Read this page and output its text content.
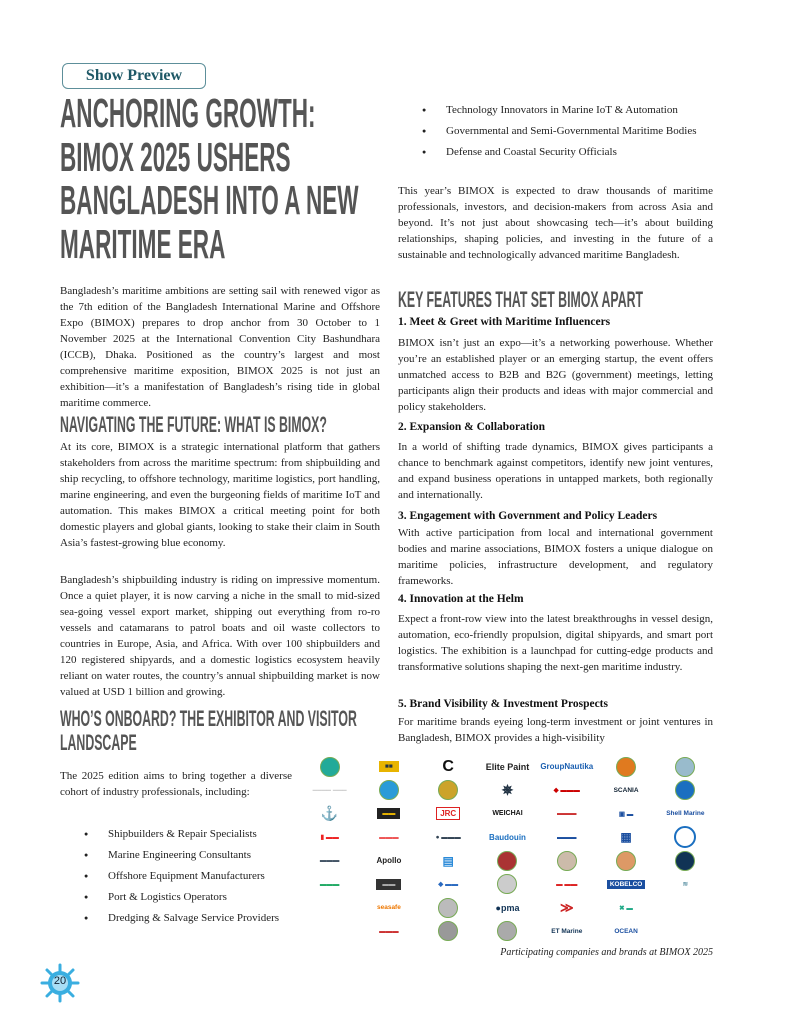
Show Preview
ANCHORING GROWTH: BIMOX 2025 USHERS BANGLADESH INTO A NEW MARITIME ERA

Bangladesh’s maritime ambitions are setting sail with renewed vigor as the 7th edition of the Bangladesh International Marine and Offshore Expo (BIMOX) prepares to drop anchor from 30 October to 1 November 2025 at the International Convention City Bashundhara (ICCB), Dhaka. Positioned as the country’s largest and most comprehensive maritime exposition, BIMOX 2025 is not just an exhibition—it’s a manifestation of Bangladesh’s rising tide in global maritime commerce.

NAVIGATING THE FUTURE: WHAT IS BIMOX?

At its core, BIMOX is a strategic international platform that gathers stakeholders from across the maritime spectrum: from shipbuilding and ship recycling, to offshore technology, maritime logistics, port handling, marine engineering, and even the burgeoning fields of maritime IoT and automation. This makes BIMOX a critical meeting point for both domestic players and global giants, looking to stake their claim in South Asia’s fastest-growing blue economy.

Bangladesh’s shipbuilding industry is riding on impressive momentum. Once a quiet player, it is now carving a niche in the small to mid-sized sea-going vessel export market, shipping out everything from ro-ro vessels and catamarans to patrol boats and oil waste collectors to countries in Europe, Asia, and Africa. With over 100 shipbuilders and 120 registered shipyards, and a domestic logistics ecosystem heavily reliant on water routes, the country’s annual shipbuilding market is now valued at USD 1 billion and growing.

WHO’S ONBOARD? THE EXHIBITOR AND VISITOR LANDSCAPE

The 2025 edition aims to bring together a diverse cohort of industry professionals, including:

● Shipbuilders & Repair Specialists
● Marine Engineering Consultants
● Offshore Equipment Manufacturers
● Port & Logistics Operators
● Dredging & Salvage Service Providers
● Technology Innovators in Marine IoT & Automation
● Governmental and Semi-Governmental Maritime Bodies
● Defense and Coastal Security Officials

This year’s BIMOX is expected to draw thousands of maritime professionals, investors, and decision-makers from across Asia and beyond. It’s not just about showcasing tech—it’s about building relationships, shaping policies, and investing in the future of a sustainable and technologically advanced maritime Bangladesh.

KEY FEATURES THAT SET BIMOX APART
1. Meet & Greet with Maritime Influencers

BIMOX isn’t just an expo—it’s a networking powerhouse. Whether you’re an established player or an emerging startup, the event offers unmatched access to B2B and B2G (government) meetings, letting participants align their products and ideas with major commercial and policy stakeholders.

2. Expansion & Collaboration

In a world of shifting trade dynamics, BIMOX gives participants a chance to benchmark against competitors, identify new joint ventures, and expand business operations in untapped markets, both regionally and internationally.

3. Engagement with Government and Policy Leaders

With active participation from local and international government bodies and marine associations, BIMOX fosters a unique dialogue on maritime policies, infrastructure development, and regulatory frameworks.

4. Innovation at the Helm

Expect a front-row view into the latest breakthroughs in vessel design, automation, eco-friendly propulsion, digital shipyards, and smart port logistics. The exhibition is a launchpad for cutting-edge products and transformative solutions shaping the next-gen maritime industry.

5. Brand Visibility & Investment Prospects

For maritime brands eyeing long-term investment or joint ventures in Bangladesh, BIMOX provides a high-visibility

■■	C	Elite Paint GroupNautika
──── ───	✵	◆ ▬▬▬	SCANIA
⚓	▬▬	JRC	WEICHAI	▬▬▬	▣ ▬	Shell Marine
▮ ▬▬	▬▬▬	● ▬▬▬	Baudouin	▬▬▬	▦
▬▬▬	Apollo	▤
▬▬▬	▬▬	◆ ▬▬	▬ ▬▬	KOBELCO	≋
seasafe	●pma	≫	✖ ▬
▬▬▬	ET Marine	OCEAN
Participating companies and brands at BIMOX 2025
20
